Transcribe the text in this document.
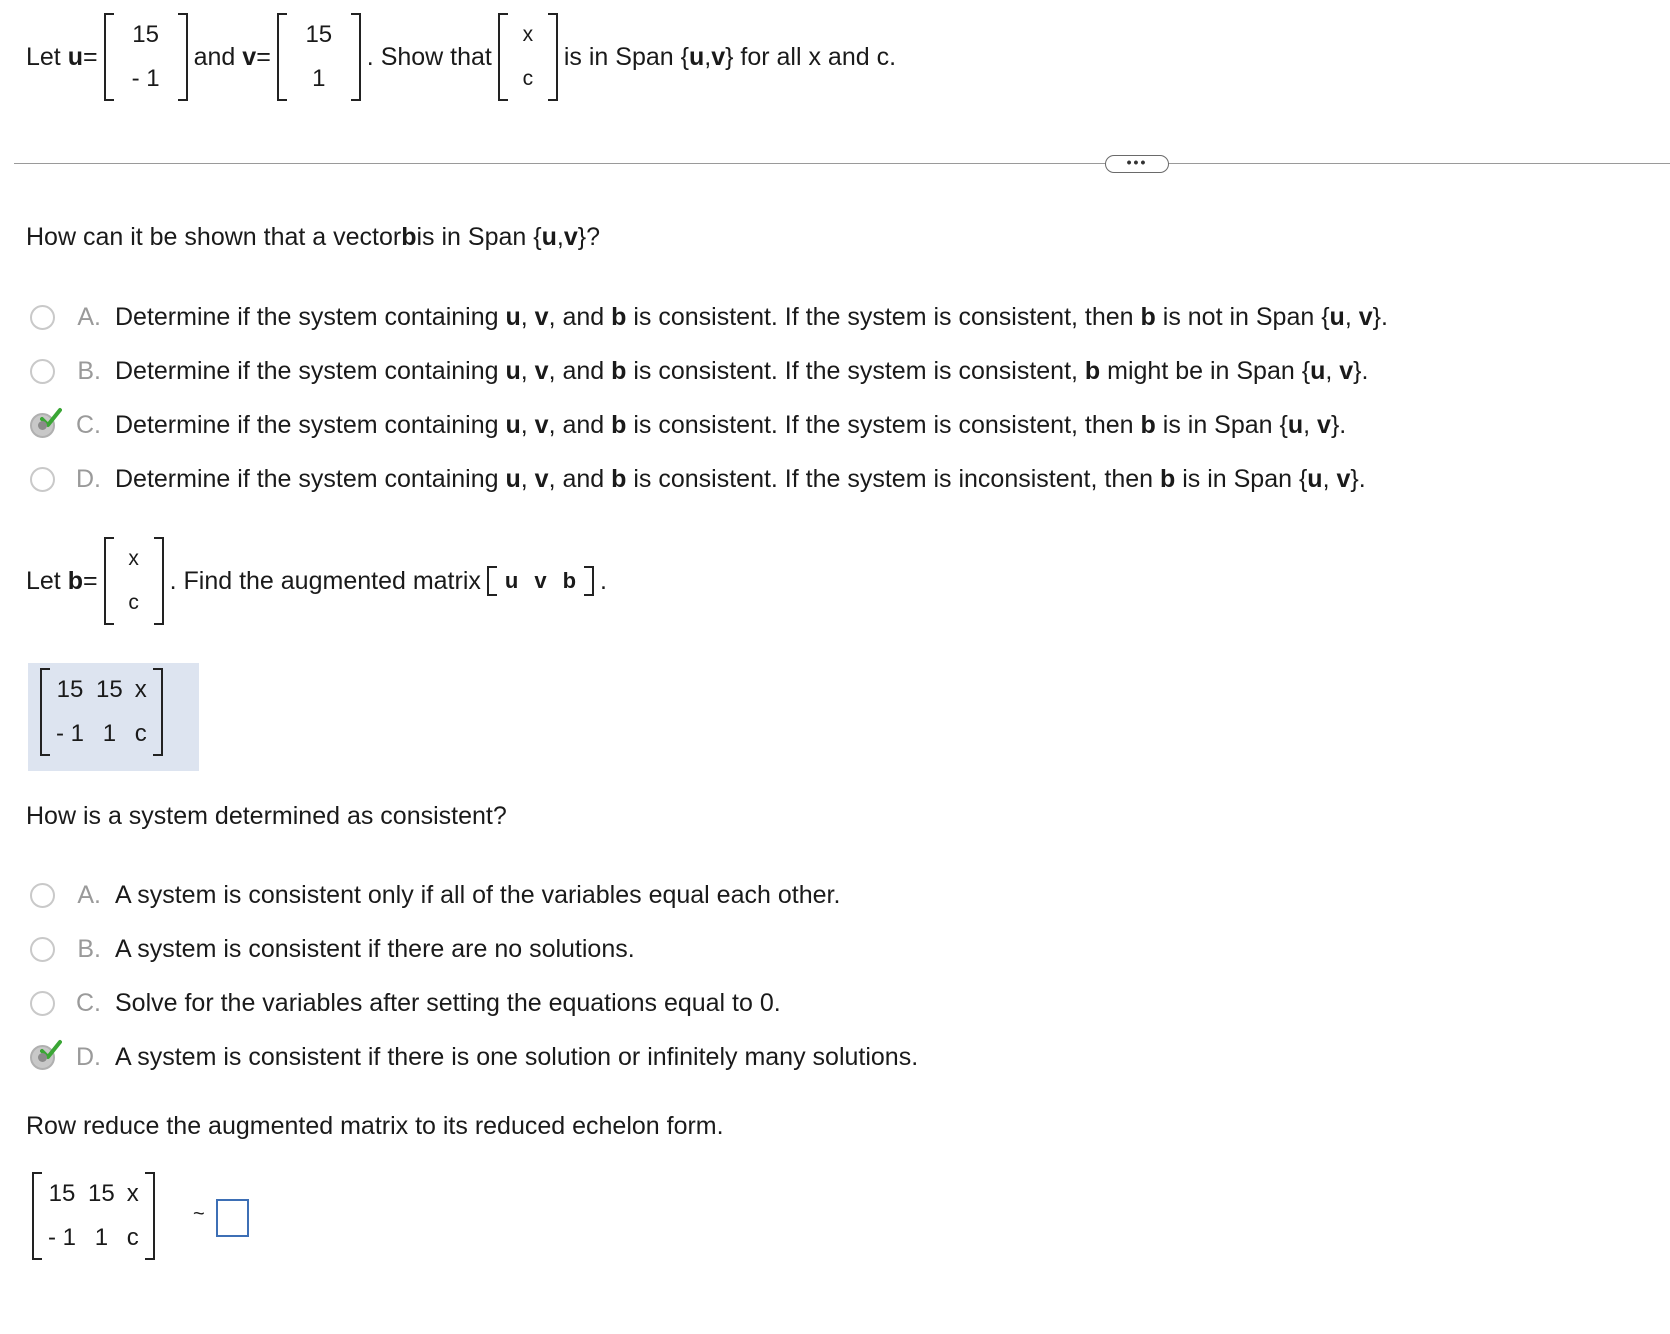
Let
u =
15
- 1
and
v =
15
1
. Show that
x
c
is in Span { u , v } for all x and c.
•••
How can it be shown that a vector b is in Span { u , v }?
A. Determine if the system containing u, v, and b is consistent. If the system is consistent, then b is not in Span {u, v}.
B. Determine if the system containing u, v, and b is consistent. If the system is consistent, b might be in Span {u, v}.
C. Determine if the system containing u, v, and b is consistent. If the system is consistent, then b is in Span {u, v}.
D. Determine if the system containing u, v, and b is consistent. If the system is inconsistent, then b is in Span {u, v}.
Let
b =
x
c
. Find the augmented matrix u	v	b .
15	15	x
- 1	1	c
How is a system determined as consistent?
A. A system is consistent only if all of the variables equal each other.
B. A system is consistent if there are no solutions.
C. Solve for the variables after setting the equations equal to 0.
D. A system is consistent if there is one solution or infinitely many solutions.
Row reduce the augmented matrix to its reduced echelon form.
15	15	x
- 1	1	c
~
